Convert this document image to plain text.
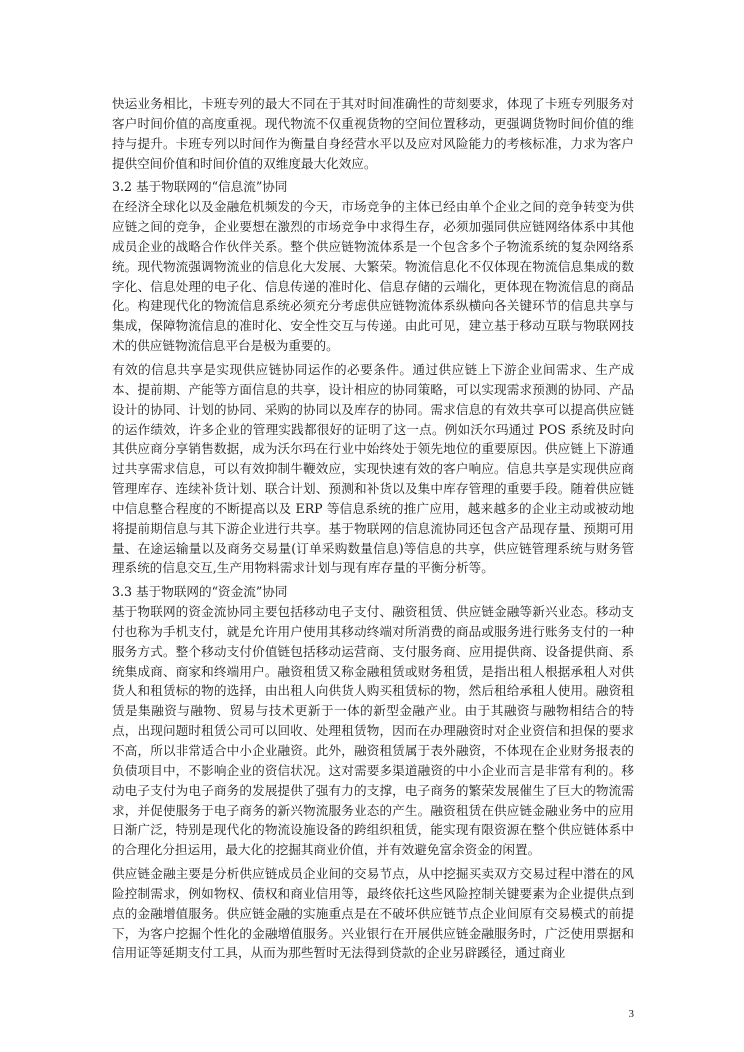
快运业务相比，卡班专列的最大不同在于其对时间准确性的苛刻要求，体现了卡班专列服务对客户时间价值的高度重视。现代物流不仅重视货物的空间位置移动，更强调货物时间价值的维持与提升。卡班专列以时间作为衡量自身经营水平以及应对风险能力的考核标准，力求为客户提供空间价值和时间价值的双维度最大化效应。

3.2 基于物联网的“信息流”协同

在经济全球化以及金融危机频发的今天，市场竞争的主体已经由单个企业之间的竞争转变为供应链之间的竞争，企业要想在激烈的市场竞争中求得生存，必须加强同供应链网络体系中其他成员企业的战略合作伙伴关系。整个供应链物流体系是一个包含多个子物流系统的复杂网络系统。现代物流强调物流业的信息化大发展、大繁荣。物流信息化不仅体现在物流信息集成的数字化、信息处理的电子化、信息传递的准时化、信息存储的云端化，更体现在物流信息的商品化。构建现代化的物流信息系统必须充分考虑供应链物流体系纵横向各关键环节的信息共享与集成，保障物流信息的准时化、安全性交互与传递。由此可见，建立基于移动互联与物联网技术的供应链物流信息平台是极为重要的。

有效的信息共享是实现供应链协同运作的必要条件。通过供应链上下游企业间需求、生产成本、提前期、产能等方面信息的共享，设计相应的协同策略，可以实现需求预测的协同、产品设计的协同、计划的协同、采购的协同以及库存的协同。需求信息的有效共享可以提高供应链的运作绩效，许多企业的管理实践都很好的证明了这一点。例如沃尔玛通过 POS 系统及时向其供应商分享销售数据，成为沃尔玛在行业中始终处于领先地位的重要原因。供应链上下游通过共享需求信息，可以有效抑制牛鞭效应，实现快速有效的客户响应。信息共享是实现供应商管理库存、连续补货计划、联合计划、预测和补货以及集中库存管理的重要手段。随着供应链中信息整合程度的不断提高以及 ERP 等信息系统的推广应用，越来越多的企业主动或被动地将提前期信息与其下游企业进行共享。基于物联网的信息流协同还包含产品现存量、预期可用量、在途运输量以及商务交易量(订单采购数量信息)等信息的共享，供应链管理系统与财务管理系统的信息交互,生产用物料需求计划与现有库存量的平衡分析等。

3.3 基于物联网的“资金流”协同

基于物联网的资金流协同主要包括移动电子支付、融资租赁、供应链金融等新兴业态。移动支付也称为手机支付，就是允许用户使用其移动终端对所消费的商品或服务进行账务支付的一种服务方式。整个移动支付价值链包括移动运营商、支付服务商、应用提供商、设备提供商、系统集成商、商家和终端用户。融资租赁又称金融租赁或财务租赁，是指出租人根据承租人对供货人和租赁标的物的选择，由出租人向供货人购买租赁标的物，然后租给承租人使用。融资租赁是集融资与融物、贸易与技术更新于一体的新型金融产业。由于其融资与融物相结合的特点，出现问题时租赁公司可以回收、处理租赁物，因而在办理融资时对企业资信和担保的要求不高，所以非常适合中小企业融资。此外，融资租赁属于表外融资，不体现在企业财务报表的负债项目中，不影响企业的资信状况。这对需要多渠道融资的中小企业而言是非常有利的。移动电子支付为电子商务的发展提供了强有力的支撑，电子商务的繁荣发展催生了巨大的物流需求，并促使服务于电子商务的新兴物流服务业态的产生。融资租赁在供应链金融业务中的应用日渐广泛，特别是现代化的物流设施设备的跨组织租赁，能实现有限资源在整个供应链体系中的合理化分担运用，最大化的挖掘其商业价值，并有效避免富余资金的闲置。

供应链金融主要是分析供应链成员企业间的交易节点，从中挖掘买卖双方交易过程中潜在的风险控制需求，例如物权、债权和商业信用等，最终依托这些风险控制关键要素为企业提供点到点的金融增值服务。供应链金融的实施重点是在不破坏供应链节点企业间原有交易模式的前提下，为客户挖掘个性化的金融增值服务。兴业银行在开展供应链金融服务时，广泛使用票据和信用证等延期支付工具，从而为那些暂时无法得到贷款的企业另辟蹊径，通过商业

3
